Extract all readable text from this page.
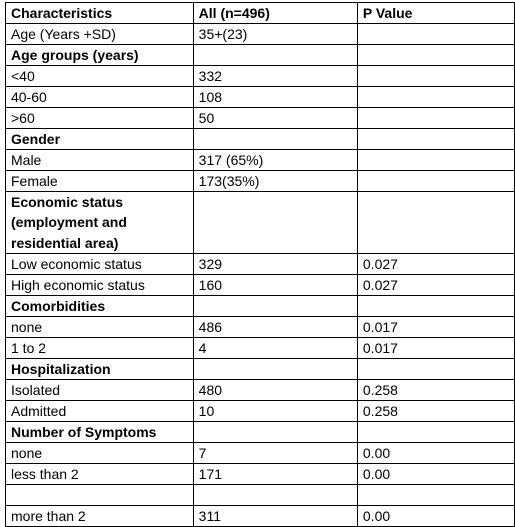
Characteristics	All (n=496)	P Value
Age (Years +SD)	35+(23)	
Age groups (years)		
<40	332	
40-60	108	
>60	50	
Gender		
Male	317 (65%)	
Female	173(35%)	
Economic status (employment and residential area)		
Low economic status	329	0.027
High economic status	160	0.027
Comorbidities		
none	486	0.017
1 to 2	4	0.017
Hospitalization		
Isolated	480	0.258
Admitted	10	0.258
Number of Symptoms		
none	7	0.00
less than 2	171	0.00

more than 2	311	0.00
